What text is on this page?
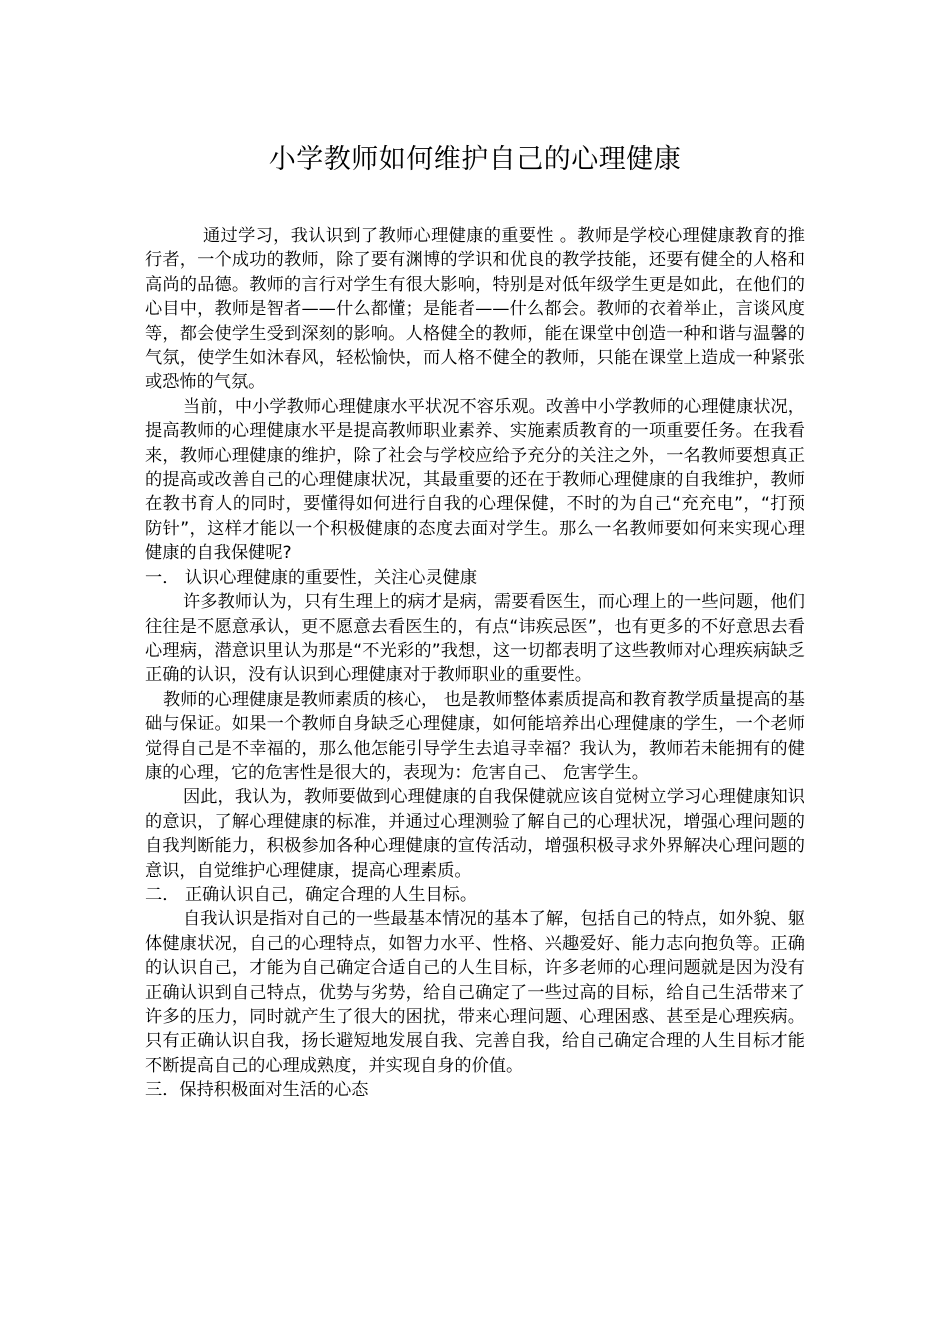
小学教师如何维护自己的心理健康

通过学习，我认识到了教师心理健康的重要性 。教师是学校心理健康教育的推行者，一个成功的教师，除了要有渊博的学识和优良的教学技能，还要有健全的人格和高尚的品德。教师的言行对学生有很大影响，特别是对低年级学生更是如此，在他们的心目中，教师是智者——什么都懂；是能者——什么都会。教师的衣着举止，言谈风度等，都会使学生受到深刻的影响。人格健全的教师，能在课堂中创造一种和谐与温馨的气氛，使学生如沐春风，轻松愉快，而人格不健全的教师，只能在课堂上造成一种紧张或恐怖的气氛。

当前，中小学教师心理健康水平状况不容乐观。改善中小学教师的心理健康状况，提高教师的心理健康水平是提高教师职业素养、实施素质教育的一项重要任务。在我看来，教师心理健康的维护，除了社会与学校应给予充分的关注之外，一名教师要想真正的提高或改善自己的心理健康状况，其最重要的还在于教师心理健康的自我维护，教师在教书育人的同时，要懂得如何进行自我的心理保健，不时的为自己“充充电”，“打预防针”，这样才能以一个积极健康的态度去面对学生。那么一名教师要如何来实现心理健康的自我保健呢?

一． 认识心理健康的重要性，关注心灵健康

许多教师认为，只有生理上的病才是病，需要看医生，而心理上的一些问题，他们往往是不愿意承认，更不愿意去看医生的，有点“讳疾忌医”，也有更多的不好意思去看心理病，潜意识里认为那是“不光彩的”我想，这一切都表明了这些教师对心理疾病缺乏正确的认识，没有认识到心理健康对于教师职业的重要性。

教师的心理健康是教师素质的核心， 也是教师整体素质提高和教育教学质量提高的基础与保证。如果一个教师自身缺乏心理健康，如何能培养出心理健康的学生，一个老师觉得自己是不幸福的，那么他怎能引导学生去追寻幸福？我认为，教师若未能拥有的健康的心理，它的危害性是很大的，表现为：危害自己、 危害学生。

因此，我认为，教师要做到心理健康的自我保健就应该自觉树立学习心理健康知识的意识，了解心理健康的标准，并通过心理测验了解自己的心理状况，增强心理问题的自我判断能力，积极参加各种心理健康的宣传活动，增强积极寻求外界解决心理问题的意识，自觉维护心理健康，提高心理素质。

二． 正确认识自己，确定合理的人生目标。

自我认识是指对自己的一些最基本情况的基本了解，包括自己的特点，如外貌、躯体健康状况，自己的心理特点，如智力水平、性格、兴趣爱好、能力志向抱负等。正确的认识自己，才能为自己确定合适自己的人生目标，许多老师的心理问题就是因为没有正确认识到自己特点，优势与劣势，给自己确定了一些过高的目标，给自己生活带来了许多的压力，同时就产生了很大的困扰，带来心理问题、心理困惑、甚至是心理疾病。只有正确认识自我，扬长避短地发展自我、完善自我，给自己确定合理的人生目标才能不断提高自己的心理成熟度，并实现自身的价值。

三．保持积极面对生活的心态
